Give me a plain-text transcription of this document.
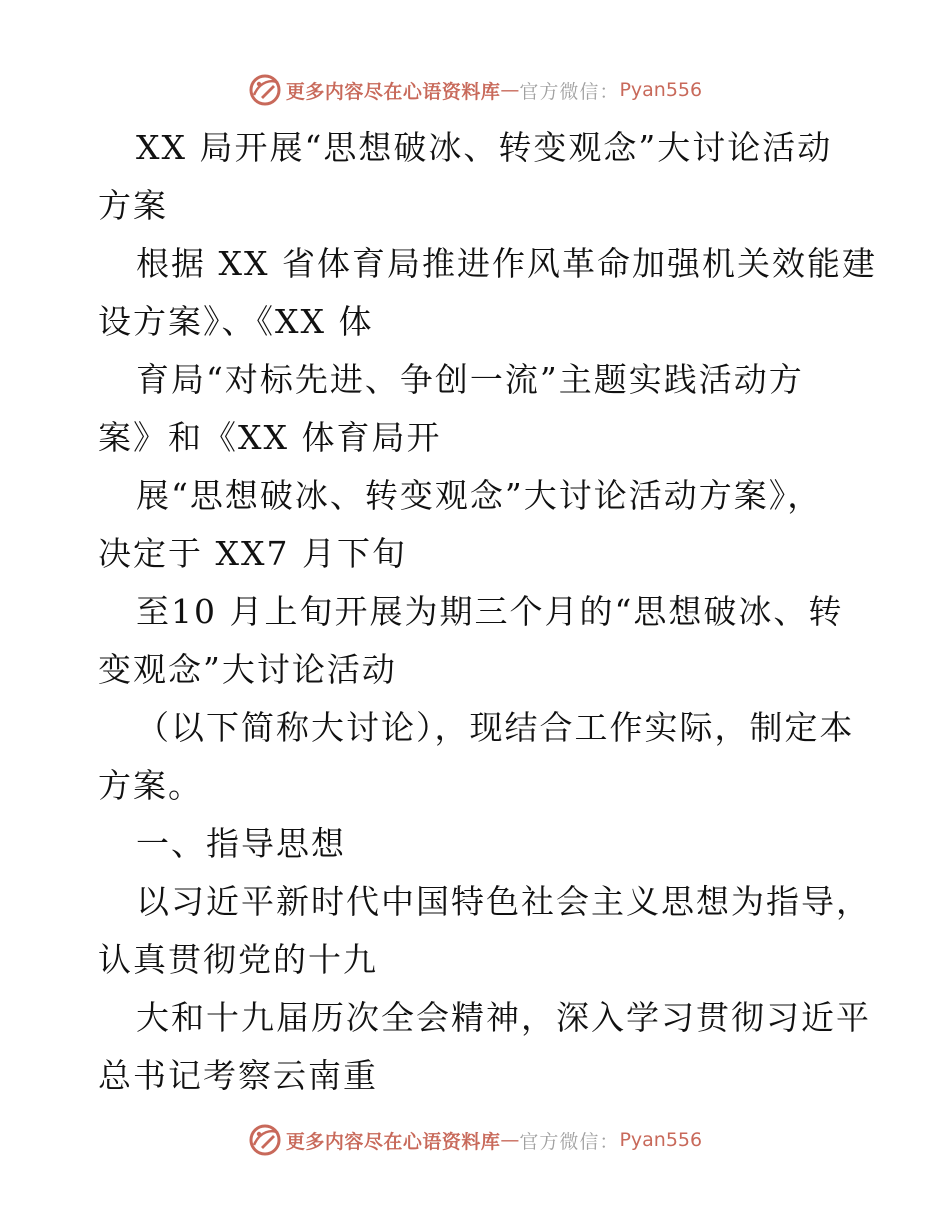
更多内容尽在心语资料库 — 官方微信： Pyan556
XX 局开展“思想破冰、转变观念”大讨论活动
方案
根据 XX 省体育局推进作风革命加强机关效能建
设方案》、《XX 体
育局“对标先进、争创一流”主题实践活动方
案》和《XX 体育局开
展“思想破冰、转变观念”大讨论活动方案》，
决定于 XX7 月下旬
至10 月上旬开展为期三个月的“思想破冰、转
变观念”大讨论活动
（以下简称大讨论），现结合工作实际，制定本
方案。
一、指导思想
以习近平新时代中国特色社会主义思想为指导，
认真贯彻党的十九
大和十九届历次全会精神，深入学习贯彻习近平
总书记考察云南重
更多内容尽在心语资料库 — 官方微信： Pyan556
